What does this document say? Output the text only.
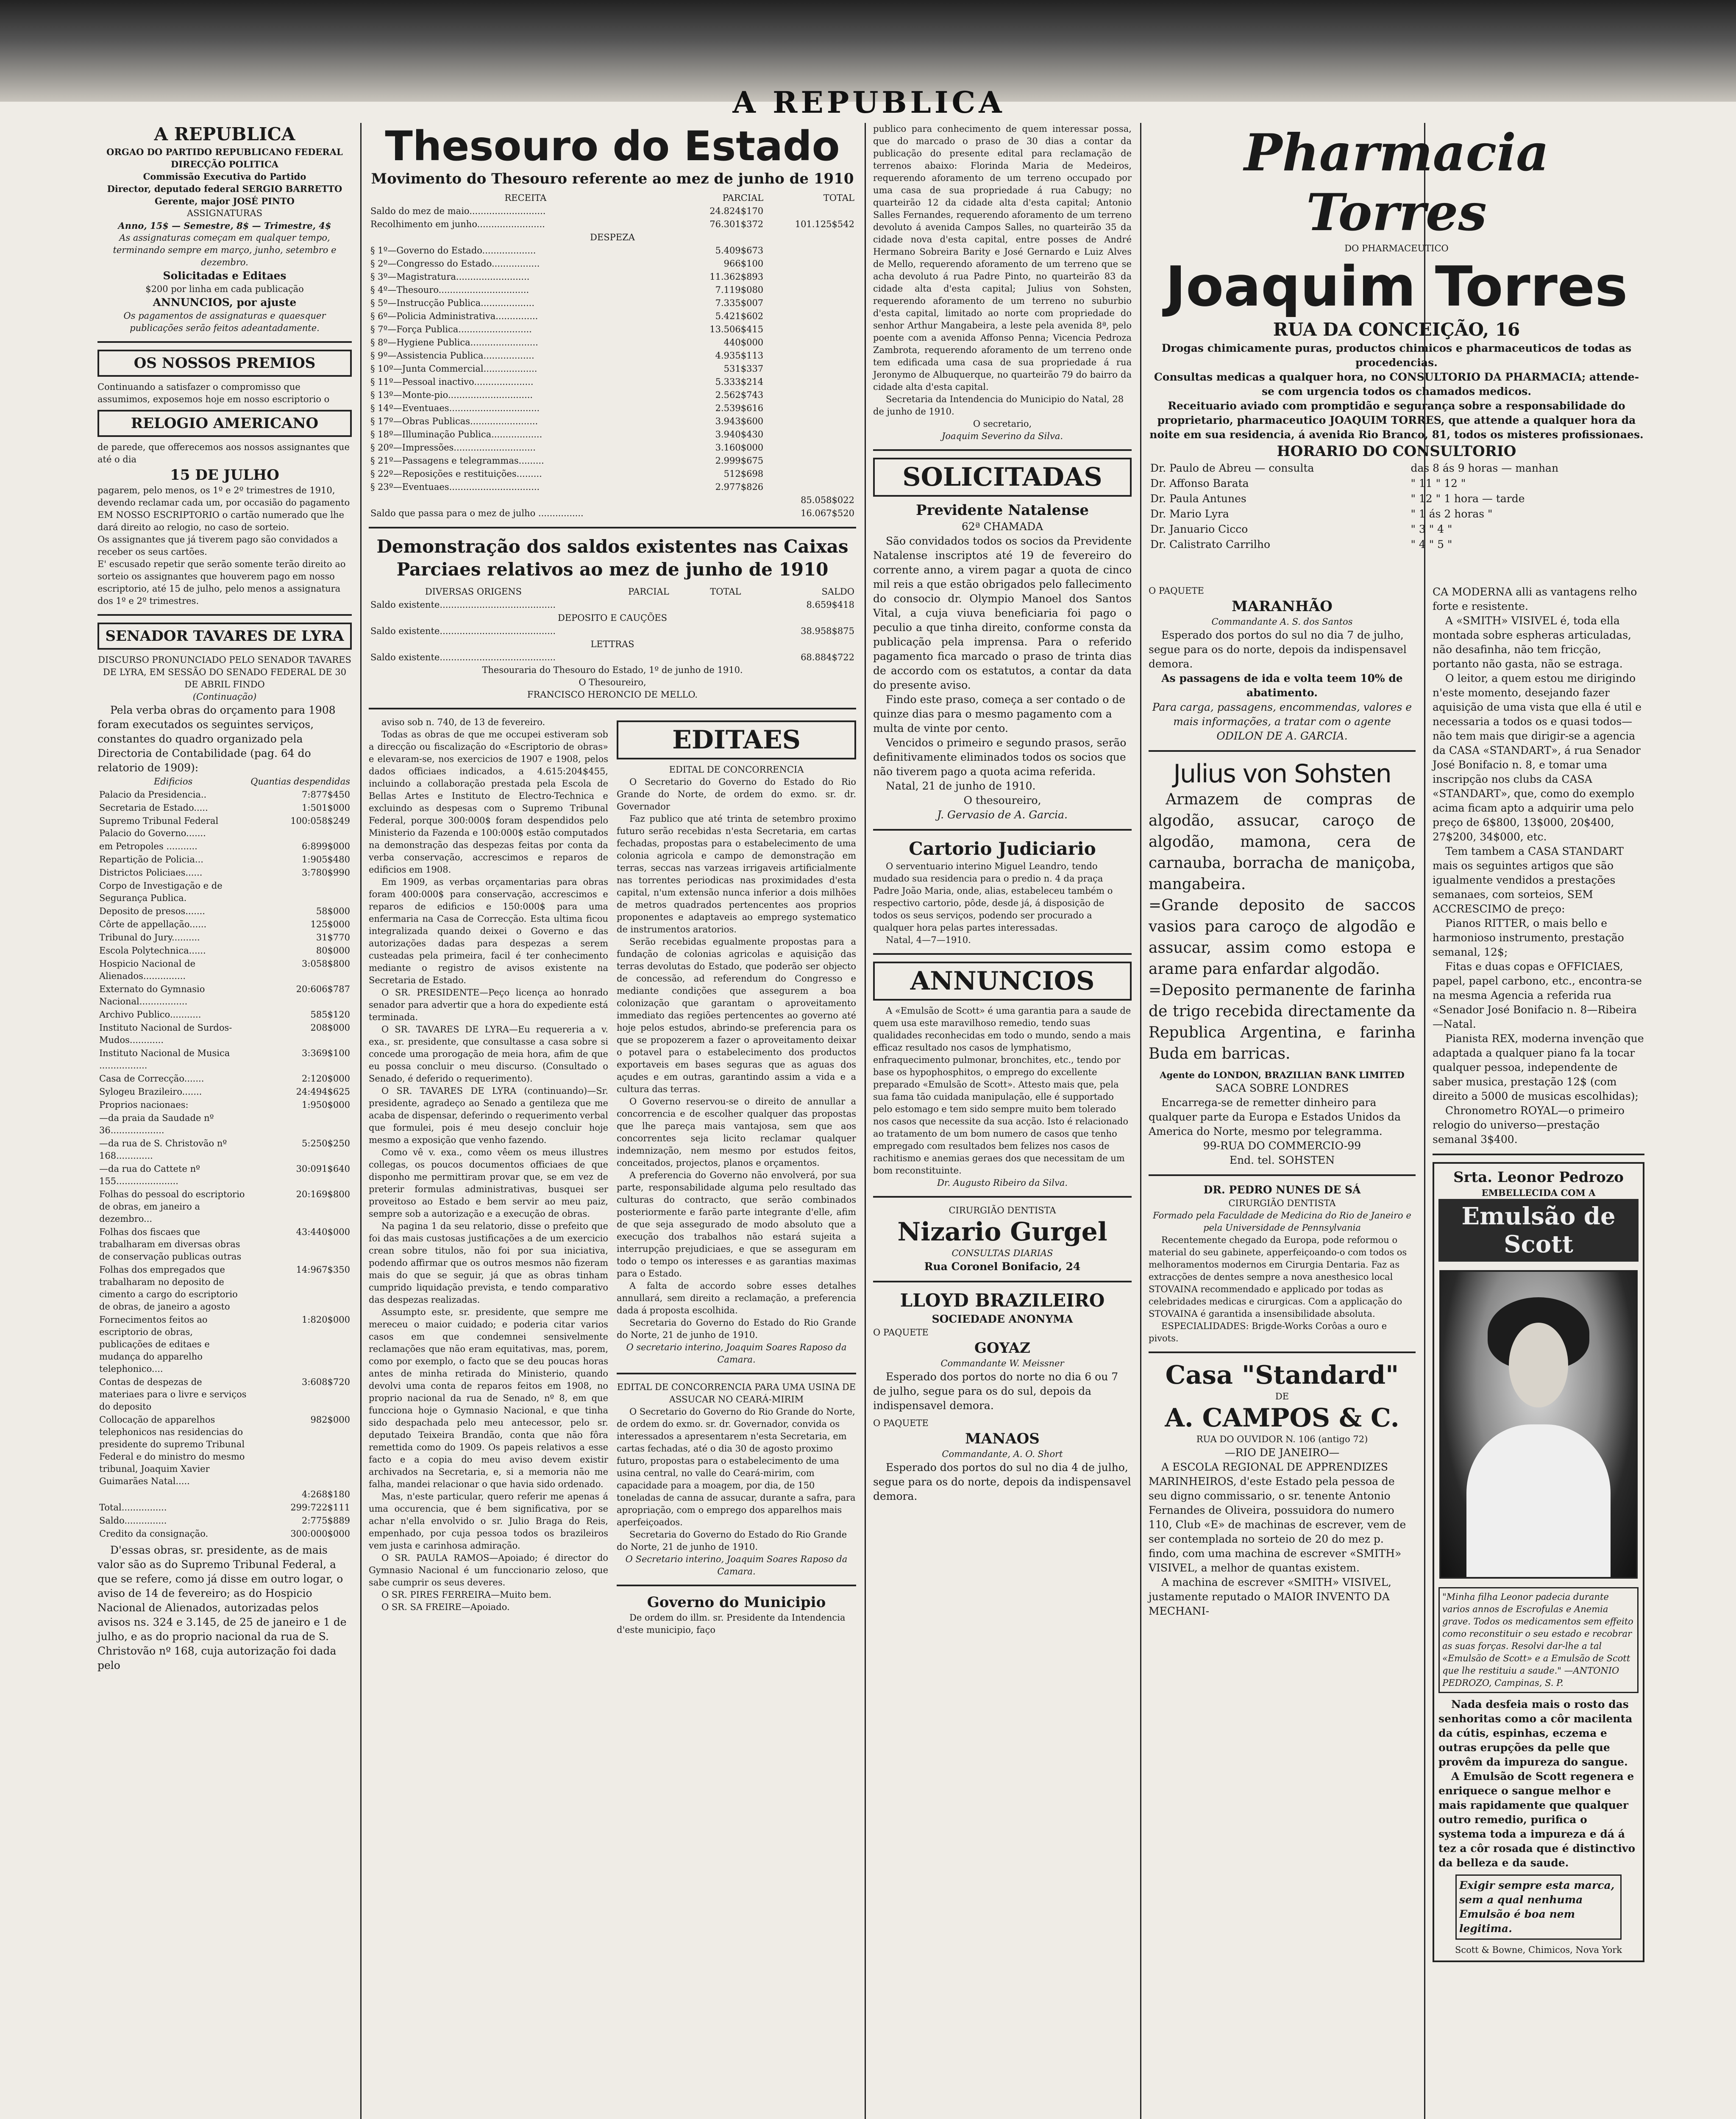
A REPUBLICA
A REPUBLICA
ORGAO DO PARTIDO REPUBLICANO FEDERAL
DIRECÇÃO POLITICA
Commissão Executiva do Partido
Director, deputado federal SERGIO BARRETTO
Gerente, major JOSÉ PINTO
ASSIGNATURAS
Anno, 15$ — Semestre, 8$ — Trimestre, 4$
As assignaturas começam em qualquer tempo, terminando sempre em março, junho, setembro e dezembro.
Solicitadas e Editaes
$200 por linha em cada publicação
ANNUNCIOS, por ajuste
Os pagamentos de assignaturas e quaesquer publicações serão feitos adeantadamente.
OS NOSSOS PREMIOS
Continuando a satisfazer o compromisso que assumimos, exposemos hoje em nosso escriptorio o
RELOGIO AMERICANO
de parede, que offerecemos aos nossos assignantes que até o dia
15 DE JULHO
pagarem, pelo menos, os 1º e 2º trimestres de 1910, devendo reclamar cada um, por occasião do pagamento EM NOSSO ESCRIPTORIO o cartão numerado que lhe dará direito ao relogio, no caso de sorteio.
Os assignantes que já tiverem pago são convidados a receber os seus cartões.
E' escusado repetir que serão somente terão direito ao sorteio os assignantes que houverem pago em nosso escriptorio, até 15 de julho, pelo menos a assignatura dos 1º e 2º trimestres.
SENADOR TAVARES DE LYRA
DISCURSO PRONUNCIADO PELO SENADOR TAVARES DE LYRA, EM SESSÃO DO SENADO FEDERAL DE 30 DE ABRIL FINDO
(Continuação)
Pela verba obras do orçamento para 1908 foram executados os seguintes serviços, constantes do quadro organizado pela Directoria de Contabilidade (pag. 64 do relatorio de 1909):
Edificios	Quantias despendidas
Palacio da Presidencia..	7:877$450
Secretaria de Estado.....	1:501$000
Supremo Tribunal Federal Palacio do Governo.......	100:058$249
em Petropoles ...........	6:899$000
Repartição de Policia...	1:905$480
Districtos Policiaes......	3:780$990
Corpo de Investigação e de Segurança Publica.	
Deposito de presos.......	58$000
Côrte de appellação......	125$000
Tribunal do Jury..........	31$770
Escola Polytechnica......	80$000
Hospicio Nacional de Alienados...............	3:058$800
Externato do Gymnasio Nacional.................	20:606$787
Archivo Publico...........	585$120
Instituto Nacional de Surdos-Mudos............	208$000
Instituto Nacional de Musica .................	3:369$100
Casa de Correcção.......	2:120$000
Sylogeu Brazileiro.......	24:494$625
Proprios nacionaes:	1:950$000
—da praia da Saudade nº 36...................	
—da rua de S. Christovão nº 168.............	5:250$250
—da rua do Cattete nº 155......................	30:091$640
Folhas do pessoal do escriptorio de obras, em janeiro a dezembro...	20:169$800
Folhas dos fiscaes que trabalharam em diversas obras de conservação publicas outras	43:440$000
Folhas dos empregados que trabalharam no deposito de cimento a cargo do escriptorio de obras, de janeiro a agosto	14:967$350
Fornecimentos feitos ao escriptorio de obras, publicações de editaes e mudança do apparelho telephonico....	1:820$000
Contas de despezas de materiaes para o livre e serviços do deposito	3:608$720
Collocação de apparelhos telephonicos nas residencias do presidente do supremo Tribunal Federal e do ministro do mesmo tribunal, Joaquim Xavier Guimarães Natal.....	982$000
	4:268$180
Total................	299:722$111
Saldo...............	2:775$889
Credito da consignação.	300:000$000
D'essas obras, sr. presidente, as de mais valor são as do Supremo Tribunal Federal, a que se refere, como já disse em outro logar, o aviso de 14 de fevereiro; as do Hospicio Nacional de Alienados, autorizadas pelos avisos ns. 324 e 3.145, de 25 de janeiro e 1 de julho, e as do proprio nacional da rua de S. Christovão nº 168, cuja autorização foi dada pelo
Thesouro do Estado
Movimento do Thesouro referente ao mez de junho de 1910
RECEITA	PARCIAL	TOTAL
Saldo do mez de maio...........................	24.824$170	
Recolhimento em junho........................	76.301$372	101.125$542
DESPEZA		
§ 1º—Governo do Estado...................	5.409$673	
§ 2º—Congresso do Estado.................	966$100	
§ 3º—Magistratura..........................	11.362$893	
§ 4º—Thesouro................................	7.119$080	
§ 5º—Instrucção Publica...................	7.335$007	
§ 6º—Policia Administrativa...............	5.421$602	
§ 7º—Força Publica..........................	13.506$415	
§ 8º—Hygiene Publica........................	440$000	
§ 9º—Assistencia Publica..................	4.935$113	
§ 10º—Junta Commercial...................	531$337	
§ 11º—Pessoal inactivo.....................	5.333$214	
§ 13º—Monte-pio..............................	2.562$743	
§ 14º—Eventuaes................................	2.539$616	
§ 17º—Obras Publicas........................	3.943$600	
§ 18º—Illuminação Publica..................	3.940$430	
§ 20º—Impressões.............................	3.160$000	
§ 21º—Passagens e telegrammas.........	2.999$675	
§ 22º—Reposições e restituições.........	512$698	
§ 23º—Eventuaes................................	2.977$826	
		85.058$022
Saldo que passa para o mez de julho ................		16.067$520
Demonstração dos saldos existentes nas Caixas Parciaes relativos ao mez de junho de 1910
DIVERSAS ORIGENS	PARCIAL	TOTAL	SALDO
Saldo existente.........................................			8.659$418
DEPOSITO E CAUÇÕES			
Saldo existente.........................................			38.958$875
LETTRAS			
Saldo existente.........................................			68.884$722
Thesouraria do Thesouro do Estado, 1º de junho de 1910.
O Thesoureiro,
FRANCISCO HERONCIO DE MELLO.
aviso sob n. 740, de 13 de fevereiro.
Todas as obras de que me occupei estiveram sob a direcção ou fiscalização do «Escriptorio de obras» e elevaram-se, nos exercicios de 1907 e 1908, pelos dados officiaes indicados, a 4.615:204$455, incluindo a collaboração prestada pela Escola de Bellas Artes e Instituto de Electro-Technica e excluindo as despesas com o Supremo Tribunal Federal, porque 300:000$ foram despendidos pelo Ministerio da Fazenda e 100:000$ estão computados na demonstração das despezas feitas por conta da verba conservação, accrescimos e reparos de edificios em 1908.
Em 1909, as verbas orçamentarias para obras foram 400:000$ para conservação, accrescimos e reparos de edificios e 150:000$ para uma enfermaria na Casa de Correcção. Esta ultima ficou integralizada quando deixei o Governo e das autorizações dadas para despezas a serem custeadas pela primeira, facil é ter conhecimento mediante o registro de avisos existente na Secretaria de Estado.
O SR. PRESIDENTE—Peço licença ao honrado senador para advertir que a hora do expediente está terminada.
O SR. TAVARES DE LYRA—Eu requereria a v. exa., sr. presidente, que consultasse a casa sobre si concede uma prorogação de meia hora, afim de que eu possa concluir o meu discurso. (Consultado o Senado, é deferido o requerimento).
O SR. TAVARES DE LYRA (continuando)—Sr. presidente, agradeço ao Senado a gentileza que me acaba de dispensar, deferindo o requerimento verbal que formulei, pois é meu desejo concluir hoje mesmo a exposição que venho fazendo.
Como vê v. exa., como vêem os meus illustres collegas, os poucos documentos officiaes de que disponho me permittiram provar que, se em vez de preterir formulas administrativas, busquei ser proveitoso ao Estado e bem servir ao meu paiz, sempre sob a autorização e a execução de obras.
Na pagina 1 da seu relatorio, disse o prefeito que foi das mais custosas justificações a de um exercicio crean sobre titulos, não foi por sua iniciativa, podendo affirmar que os outros mesmos não fizeram mais do que se seguir, já que as obras tinham cumprido liquidação prevista, e tendo comparativo das despezas realizadas.
Assumpto este, sr. presidente, que sempre me mereceu o maior cuidado; e poderia citar varios casos em que condemnei sensivelmente reclamações que não eram equitativas, mas, porem, como por exemplo, o facto que se deu poucas horas antes de minha retirada do Ministerio, quando devolvi uma conta de reparos feitos em 1908, no proprio nacional da rua de Senado, nº 8, em que funcciona hoje o Gymnasio Nacional, e que tinha sido despachada pelo meu antecessor, pelo sr. deputado Teixeira Brandão, conta que não fôra remettida como do 1909. Os papeis relativos a esse facto e a copia do meu aviso devem existir archivados na Secretaria, e, si a memoria não me falha, mandei relacionar o que havia sido ordenado.
Mas, n'este particular, quero referir me apenas á uma occurencia, que é bem significativa, por se achar n'ella envolvido o sr. Julio Braga do Reis, empenhado, por cuja pessoa todos os brazileiros vem justa e carinhosa admiração.
O SR. PAULA RAMOS—Apoiado; é director do Gymnasio Nacional é um funccionario zeloso, que sabe cumprir os seus deveres.
O SR. PIRES FERREIRA—Muito bem.
O SR. SA FREIRE—Apoiado.
EDITAES
EDITAL DE CONCORRENCIA
O Secretario do Governo do Estado do Rio Grande do Norte, de ordem do exmo. sr. dr. Governador
Faz publico que até trinta de setembro proximo futuro serão recebidas n'esta Secretaria, em cartas fechadas, propostas para o estabelecimento de uma colonia agricola e campo de demonstração em terras, seccas nas varzeas irrigaveis artificialmente nas torrentes periodicas nas proximidades d'esta capital, n'um extensão nunca inferior a dois milhões de metros quadrados pertencentes aos proprios proponentes e adaptaveis ao emprego systematico de instrumentos aratorios.
Serão recebidas egualmente propostas para a fundação de colonias agricolas e aquisição das terras devolutas do Estado, que poderão ser objecto de concessão, ad referendum do Congresso e mediante condições que assegurem a boa colonização que garantam o aproveitamento immediato das regiões pertencentes ao governo até hoje pelos estudos, abrindo-se preferencia para os que se propozerem a fazer o aproveitamento deixar o potavel para o estabelecimento dos productos exportaveis em bases seguras que as aguas dos açudes e em outras, garantindo assim a vida e a cultura das terras.
O Governo reservou-se o direito de annullar a concorrencia e de escolher qualquer das propostas que lhe pareça mais vantajosa, sem que aos concorrentes seja licito reclamar qualquer indemnização, nem mesmo por estudos feitos, conceitados, projectos, planos e orçamentos.
A preferencia do Governo não envolverá, por sua parte, responsabilidade alguma pelo resultado das culturas do contracto, que serão combinados posteriormente e farão parte integrante d'elle, afim de que seja assegurado de modo absoluto que a execução dos trabalhos não estará sujeita a interrupção prejudiciaes, e que se asseguram em todo o tempo os interesses e as garantias maximas para o Estado.
A falta de accordo sobre esses detalhes annullará, sem direito a reclamação, a preferencia dada á proposta escolhida.
Secretaria do Governo do Estado do Rio Grande do Norte, 21 de junho de 1910.
O secretario interino, Joaquim Soares Raposo da Camara.
EDITAL DE CONCORRENCIA PARA UMA USINA DE ASSUCAR NO CEARÁ-MIRIM
O Secretario do Governo do Rio Grande do Norte, de ordem do exmo. sr. dr. Governador, convida os interessados a apresentarem n'esta Secretaria, em cartas fechadas, até o dia 30 de agosto proximo futuro, propostas para o estabelecimento de uma usina central, no valle do Ceará-mirim, com capacidade para a moagem, por dia, de 150 toneladas de canna de assucar, durante a safra, para apropriação, com o emprego dos apparelhos mais aperfeiçoados.
Secretaria do Governo do Estado do Rio Grande do Norte, 21 de junho de 1910.
O Secretario interino, Joaquim Soares Raposo da Camara.
Governo do Municipio
De ordem do illm. sr. Presidente da Intendencia d'este municipio, faço
publico para conhecimento de quem interessar possa, que do marcado o praso de 30 dias a contar da publicação do presente edital para reclamação de terrenos abaixo: Florinda Maria de Medeiros, requerendo aforamento de um terreno occupado por uma casa de sua propriedade á rua Cabugy; no quarteirão 12 da cidade alta d'esta capital; Antonio Salles Fernandes, requerendo aforamento de um terreno devoluto á avenida Campos Salles, no quarteirão 35 da cidade nova d'esta capital, entre posses de André Hermano Sobreira Barity e José Gernardo e Luiz Alves de Mello, requerendo aforamento de um terreno que se acha devoluto á rua Padre Pinto, no quarteirão 83 da cidade alta d'esta capital; Julius von Sohsten, requerendo aforamento de um terreno no suburbio d'esta capital, limitado ao norte com propriedade do senhor Arthur Mangabeira, a leste pela avenida 8ª, pelo poente com a avenida Affonso Penna; Vicencia Pedroza Zambrota, requerendo aforamento de um terreno onde tem edificada uma casa de sua propriedade á rua Jeronymo de Albuquerque, no quarteirão 79 do bairro da cidade alta d'esta capital.
Secretaria da Intendencia do Municipio do Natal, 28 de junho de 1910.
O secretario,
Joaquim Severino da Silva.
SOLICITADAS
Previdente Natalense
62ª CHAMADA
São convidados todos os socios da Previdente Natalense inscriptos até 19 de fevereiro do corrente anno, a virem pagar a quota de cinco mil reis a que estão obrigados pelo fallecimento do consocio dr. Olympio Manoel dos Santos Vital, a cuja viuva beneficiaria foi pago o peculio a que tinha direito, conforme consta da publicação pela imprensa. Para o referido pagamento fica marcado o praso de trinta dias de accordo com os estatutos, a contar da data do presente aviso.
Findo este praso, começa a ser contado o de quinze dias para o mesmo pagamento com a multa de vinte por cento.
Vencidos o primeiro e segundo prasos, serão definitivamente eliminados todos os socios que não tiverem pago a quota acima referida.
Natal, 21 de junho de 1910.
O thesoureiro,
J. Gervasio de A. Garcia.
Cartorio Judiciario
O serventuario interino Miguel Leandro, tendo mudado sua residencia para o predio n. 4 da praça Padre João Maria, onde, alias, estabeleceu também o respectivo cartorio, pôde, desde já, á disposição de todos os seus serviços, podendo ser procurado a qualquer hora pelas partes interessadas.
Natal, 4—7—1910.
ANNUNCIOS
A «Emulsão de Scott» é uma garantia para a saude de quem usa este maravilhoso remedio, tendo suas qualidades reconhecidas em todo o mundo, sendo a mais efficaz resultado nos casos de lymphatismo, enfraquecimento pulmonar, bronchites, etc., tendo por base os hypophosphitos, o emprego do excellente preparado «Emulsão de Scott». Attesto mais que, pela sua fama tão cuidada manipulação, elle é supportado pelo estomago e tem sido sempre muito bem tolerado nos casos que necessite da sua acção. Isto é relacionado ao tratamento de um bom numero de casos que tenho empregado com resultados bem felizes nos casos de rachitismo e anemias geraes dos que necessitam de um bom reconstituinte.
Dr. Augusto Ribeiro da Silva.
CIRURGIÃO DENTISTA
Nizario Gurgel
CONSULTAS DIARIAS
Rua Coronel Bonifacio, 24
LLOYD BRAZILEIRO
SOCIEDADE ANONYMA
O PAQUETE
GOYAZ
Commandante W. Meissner
Esperado dos portos do norte no dia 6 ou 7 de julho, segue para os do sul, depois da indispensavel demora.
O PAQUETE
MANAOS
Commandante, A. O. Short
Esperado dos portos do sul no dia 4 de julho, segue para os do norte, depois da indispensavel demora.
Pharmacia Torres
DO PHARMACEUTICO
Joaquim Torres
RUA DA CONCEIÇÃO, 16
Drogas chimicamente puras, productos chimicos e pharmaceuticos de todas as procedencias.
Consultas medicas a qualquer hora, no CONSULTORIO DA PHARMACIA; attende-se com urgencia todos os chamados medicos.
Receituario aviado com promptidão e segurança sobre a responsabilidade do proprietario, pharmaceutico JOAQUIM TORRES, que attende a qualquer hora da noite em sua residencia, á avenida Rio Branco, 81, todos os misteres profissionaes.
HORARIO DO CONSULTORIO
Dr. Paulo de Abreu — consulta	das 8 ás 9 horas — manhan
Dr. Affonso Barata	" 11 " 12 "
Dr. Paula Antunes	" 12 " 1 hora — tarde
Dr. Mario Lyra	" 1 ás 2 horas "
Dr. Januario Cicco	" 3 " 4 "
Dr. Calistrato Carrilho	" 4 " 5 "
O PAQUETE
MARANHÃO
Commandante A. S. dos Santos
Esperado dos portos do sul no dia 7 de julho, segue para os do norte, depois da indispensavel demora.
As passagens de ida e volta teem 10% de abatimento.
Para carga, passagens, encommendas, valores e mais informações, a tratar com o agente
ODILON DE A. GARCIA.
Julius von Sohsten
Armazem de compras de algodão, assucar, caroço de algodão, mamona, cera de carnauba, borracha de maniçoba, mangabeira.
=Grande deposito de saccos vasios para caroço de algodão e assucar, assim como estopa e arame para enfardar algodão.
=Deposito permanente de farinha de trigo recebida directamente da Republica Argentina, e farinha Buda em barricas.
Agente do LONDON, BRAZILIAN BANK LIMITED
SACA SOBRE LONDRES
Encarrega-se de remetter dinheiro para qualquer parte da Europa e Estados Unidos da America do Norte, mesmo por telegramma.
99-RUA DO COMMERCIO-99
End. tel. SOHSTEN
DR. PEDRO NUNES DE SÁ
CIRURGIÃO DENTISTA
Formado pela Faculdade de Medicina do Rio de Janeiro e pela Universidade de Pennsylvania
Recentemente chegado da Europa, pode reformou o material do seu gabinete, apperfeiçoando-o com todos os melhoramentos modernos em Cirurgia Dentaria. Faz as extracções de dentes sempre a nova anesthesico local STOVAINA recommendado e applicado por todas as celebridades medicas e cirurgicas. Com a applicação do STOVAINA é garantida a insensibilidade absoluta.
ESPECIALIDADES: Brigde-Works Corôas a ouro e pivots.
Casa "Standard"
DE
A. CAMPOS & C.
RUA DO OUVIDOR N. 106 (antigo 72)
—RIO DE JANEIRO—
A ESCOLA REGIONAL DE APPRENDIZES MARINHEIROS, d'este Estado pela pessoa de seu digno commissario, o sr. tenente Antonio Fernandes de Oliveira, possuidora do numero 110, Club «E» de machinas de escrever, vem de ser contemplada no sorteio de 20 do mez p. findo, com uma machina de escrever «SMITH» VISIVEL, a melhor de quantas existem.
A machina de escrever «SMITH» VISIVEL, justamente reputado o MAIOR INVENTO DA MECHANI-
CA MODERNA alli as vantagens relho forte e resistente.
A «SMITH» VISIVEL é, toda ella montada sobre espheras articuladas, não desafinha, não tem fricção, portanto não gasta, não se estraga.
O leitor, a quem estou me dirigindo n'este momento, desejando fazer aquisição de uma vista que ella é util e necessaria a todos os e quasi todos—não tem mais que dirigir-se a agencia da CASA «STANDART», á rua Senador José Bonifacio n. 8, e tomar uma inscripção nos clubs da CASA «STANDART», que, como do exemplo acima ficam apto a adquirir uma pelo preço de 6$800, 13$000, 20$400, 27$200, 34$000, etc.
Tem tambem a CASA STANDART mais os seguintes artigos que são igualmente vendidos a prestações semanaes, com sorteios, SEM ACCRESCIMO de preço:
Pianos RITTER, o mais bello e harmonioso instrumento, prestação semanal, 12$;
Fitas e duas copas e OFFICIAES, papel, papel carbono, etc., encontra-se na mesma Agencia a referida rua «Senador José Bonifacio n. 8—Ribeira—Natal.
Pianista REX, moderna invenção que adaptada a qualquer piano fa la tocar qualquer pessoa, independente de saber musica, prestação 12$ (com direito a 5000 de musicas escolhidas);
Chronometro ROYAL—o primeiro relogio do universo—prestação semanal 3$400.
Srta. Leonor Pedrozo
EMBELLECIDA COM A
Emulsão de Scott
"Minha filha Leonor padecia durante varios annos de Escrofulas e Anemia grave. Todos os medicamentos sem effeito como reconstituir o seu estado e recobrar as suas forças. Resolvi dar-lhe a tal «Emulsão de Scott» e a Emulsão de Scott que lhe restituiu a saude." —ANTONIO PEDROZO, Campinas, S. P.
Nada desfeia mais o rosto das senhoritas como a côr macilenta da cútis, espinhas, eczema e outras erupções da pelle que provêm da impureza do sangue.
A Emulsão de Scott regenera e enriquece o sangue melhor e mais rapidamente que qualquer outro remedio, purifica o systema toda a impureza e dá á tez a côr rosada que é distinctivo da belleza e da saude.
Exigir sempre esta marca, sem a qual nenhuma Emulsão é boa nem legitima.
Scott & Bowne, Chimicos, Nova York
